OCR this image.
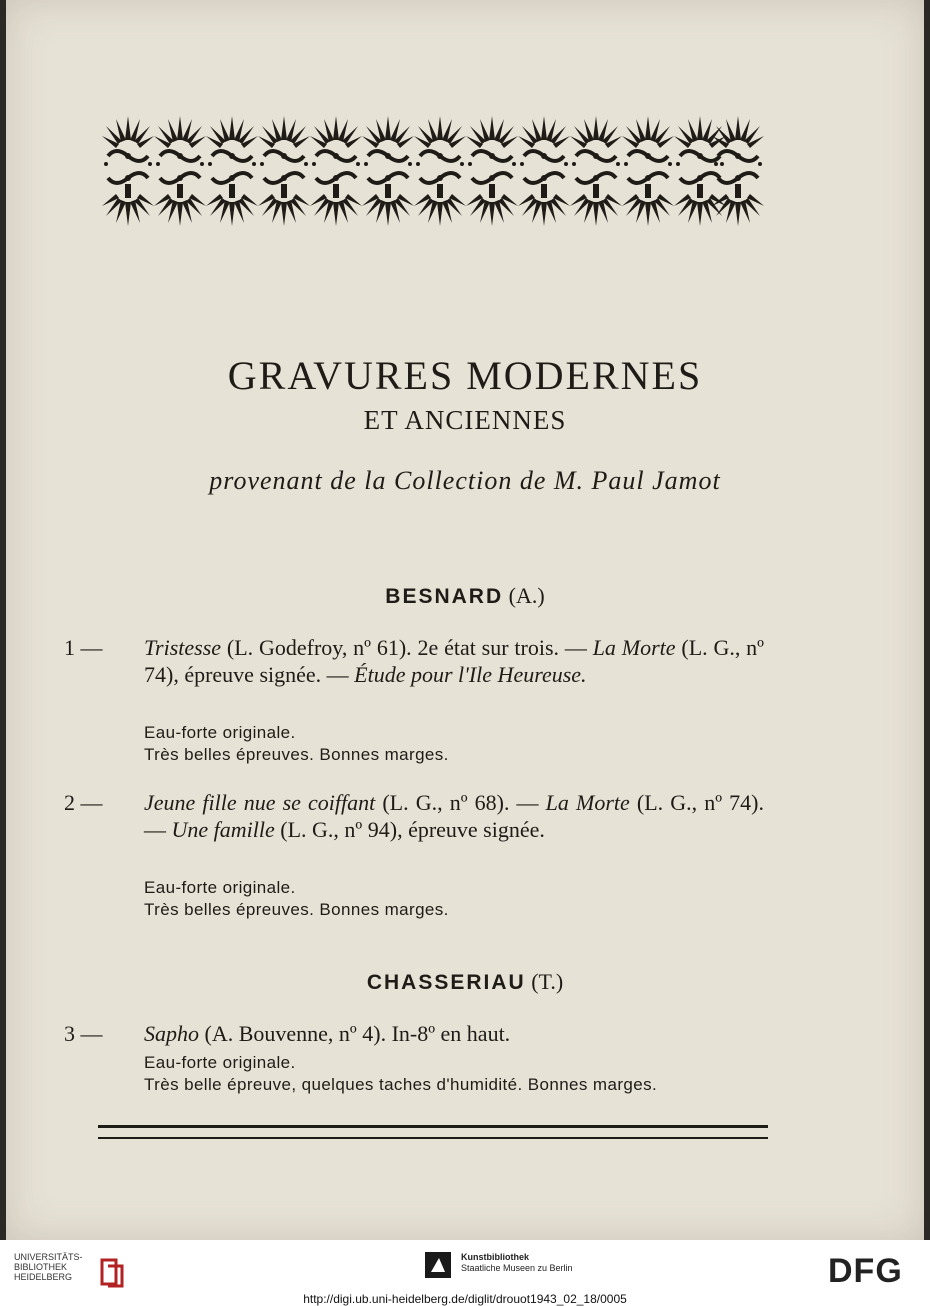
GRAVURES MODERNES
ET ANCIENNES
provenant de la Collection de M. Paul Jamot
BESNARD (A.)
1 — Tristesse (L. Godefroy, nº 61). 2e état sur trois. — La Morte (L. G., nº 74), épreuve signée. — Étude pour l'Ile Heureuse.
Eau-forte originale.
Très belles épreuves. Bonnes marges.
2 — Jeune fille nue se coiffant (L. G., nº 68). — La Morte (L. G., nº 74). — Une famille (L. G., nº 94), épreuve signée.
Eau-forte originale.
Très belles épreuves. Bonnes marges.
CHASSERIAU (T.)
3 — Sapho (A. Bouvenne, nº 4). In-8º en haut.
Eau-forte originale.
Très belle épreuve, quelques taches d'humidité. Bonnes marges.
UNIVERSITÄTS-
BIBLIOTHEK
HEIDELBERG
Kunstbibliothek
Staatliche Museen zu Berlin	DFG
http://digi.ub.uni-heidelberg.de/diglit/drouot1943_02_18/0005
